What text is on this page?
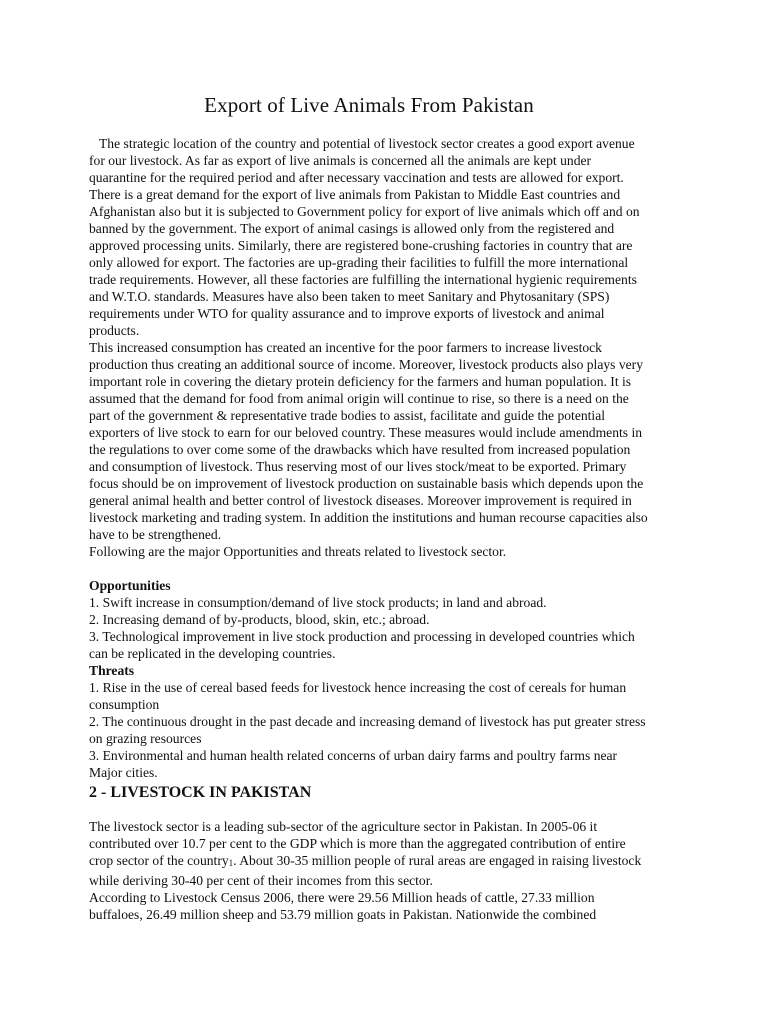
Export of Live Animals From Pakistan

The strategic location of the country and potential of livestock sector creates a good export avenue for our livestock. As far as export of live animals is concerned all the animals are kept under quarantine for the required period and after necessary vaccination and tests are allowed for export. There is a great demand for the export of live animals from Pakistan to Middle East countries and Afghanistan also but it is subjected to Government policy for export of live animals which off and on banned by the government. The export of animal casings is allowed only from the registered and approved processing units. Similarly, there are registered bone-crushing factories in country that are only allowed for export. The factories are up-grading their facilities to fulfill the more international trade requirements. However, all these factories are fulfilling the international hygienic requirements and W.T.O. standards. Measures have also been taken to meet Sanitary and Phytosanitary (SPS) requirements under WTO for quality assurance and to improve exports of livestock and animal products.

This increased consumption has created an incentive for the poor farmers to increase livestock production thus creating an additional source of income. Moreover, livestock products also plays very important role in covering the dietary protein deficiency for the farmers and human population. It is assumed that the demand for food from animal origin will continue to rise, so there is a need on the part of the government & representative trade bodies to assist, facilitate and guide the potential exporters of live stock to earn for our beloved country. These measures would include amendments in the regulations to over come some of the drawbacks which have resulted from increased population and consumption of livestock. Thus reserving most of our lives stock/meat to be exported. Primary focus should be on improvement of livestock production on sustainable basis which depends upon the general animal health and better control of livestock diseases. Moreover improvement is required in livestock marketing and trading system. In addition the institutions and human recourse capacities also have to be strengthened.

Following are the major Opportunities and threats related to livestock sector.

Opportunities

1. Swift increase in consumption/demand of live stock products; in land and abroad.

2. Increasing demand of by-products, blood, skin, etc.; abroad.

3. Technological improvement in live stock production and processing in developed countries which can be replicated in the developing countries.

Threats

1. Rise in the use of cereal based feeds for livestock hence increasing the cost of cereals for human consumption

2. The continuous drought in the past decade and increasing demand of livestock has put greater stress on grazing resources

3. Environmental and human health related concerns of urban dairy farms and poultry farms near Major cities.

2 - LIVESTOCK IN PAKISTAN

The livestock sector is a leading sub-sector of the agriculture sector in Pakistan. In 2005-06 it contributed over 10.7 per cent to the GDP which is more than the aggregated contribution of entire crop sector of the country$_1$. About 30-35 million people of rural areas are engaged in raising livestock while deriving 30-40 per cent of their incomes from this sector.

According to Livestock Census 2006, there were 29.56 Million heads of cattle, 27.33 million buffaloes, 26.49 million sheep and 53.79 million goats in Pakistan. Nationwide the combined
